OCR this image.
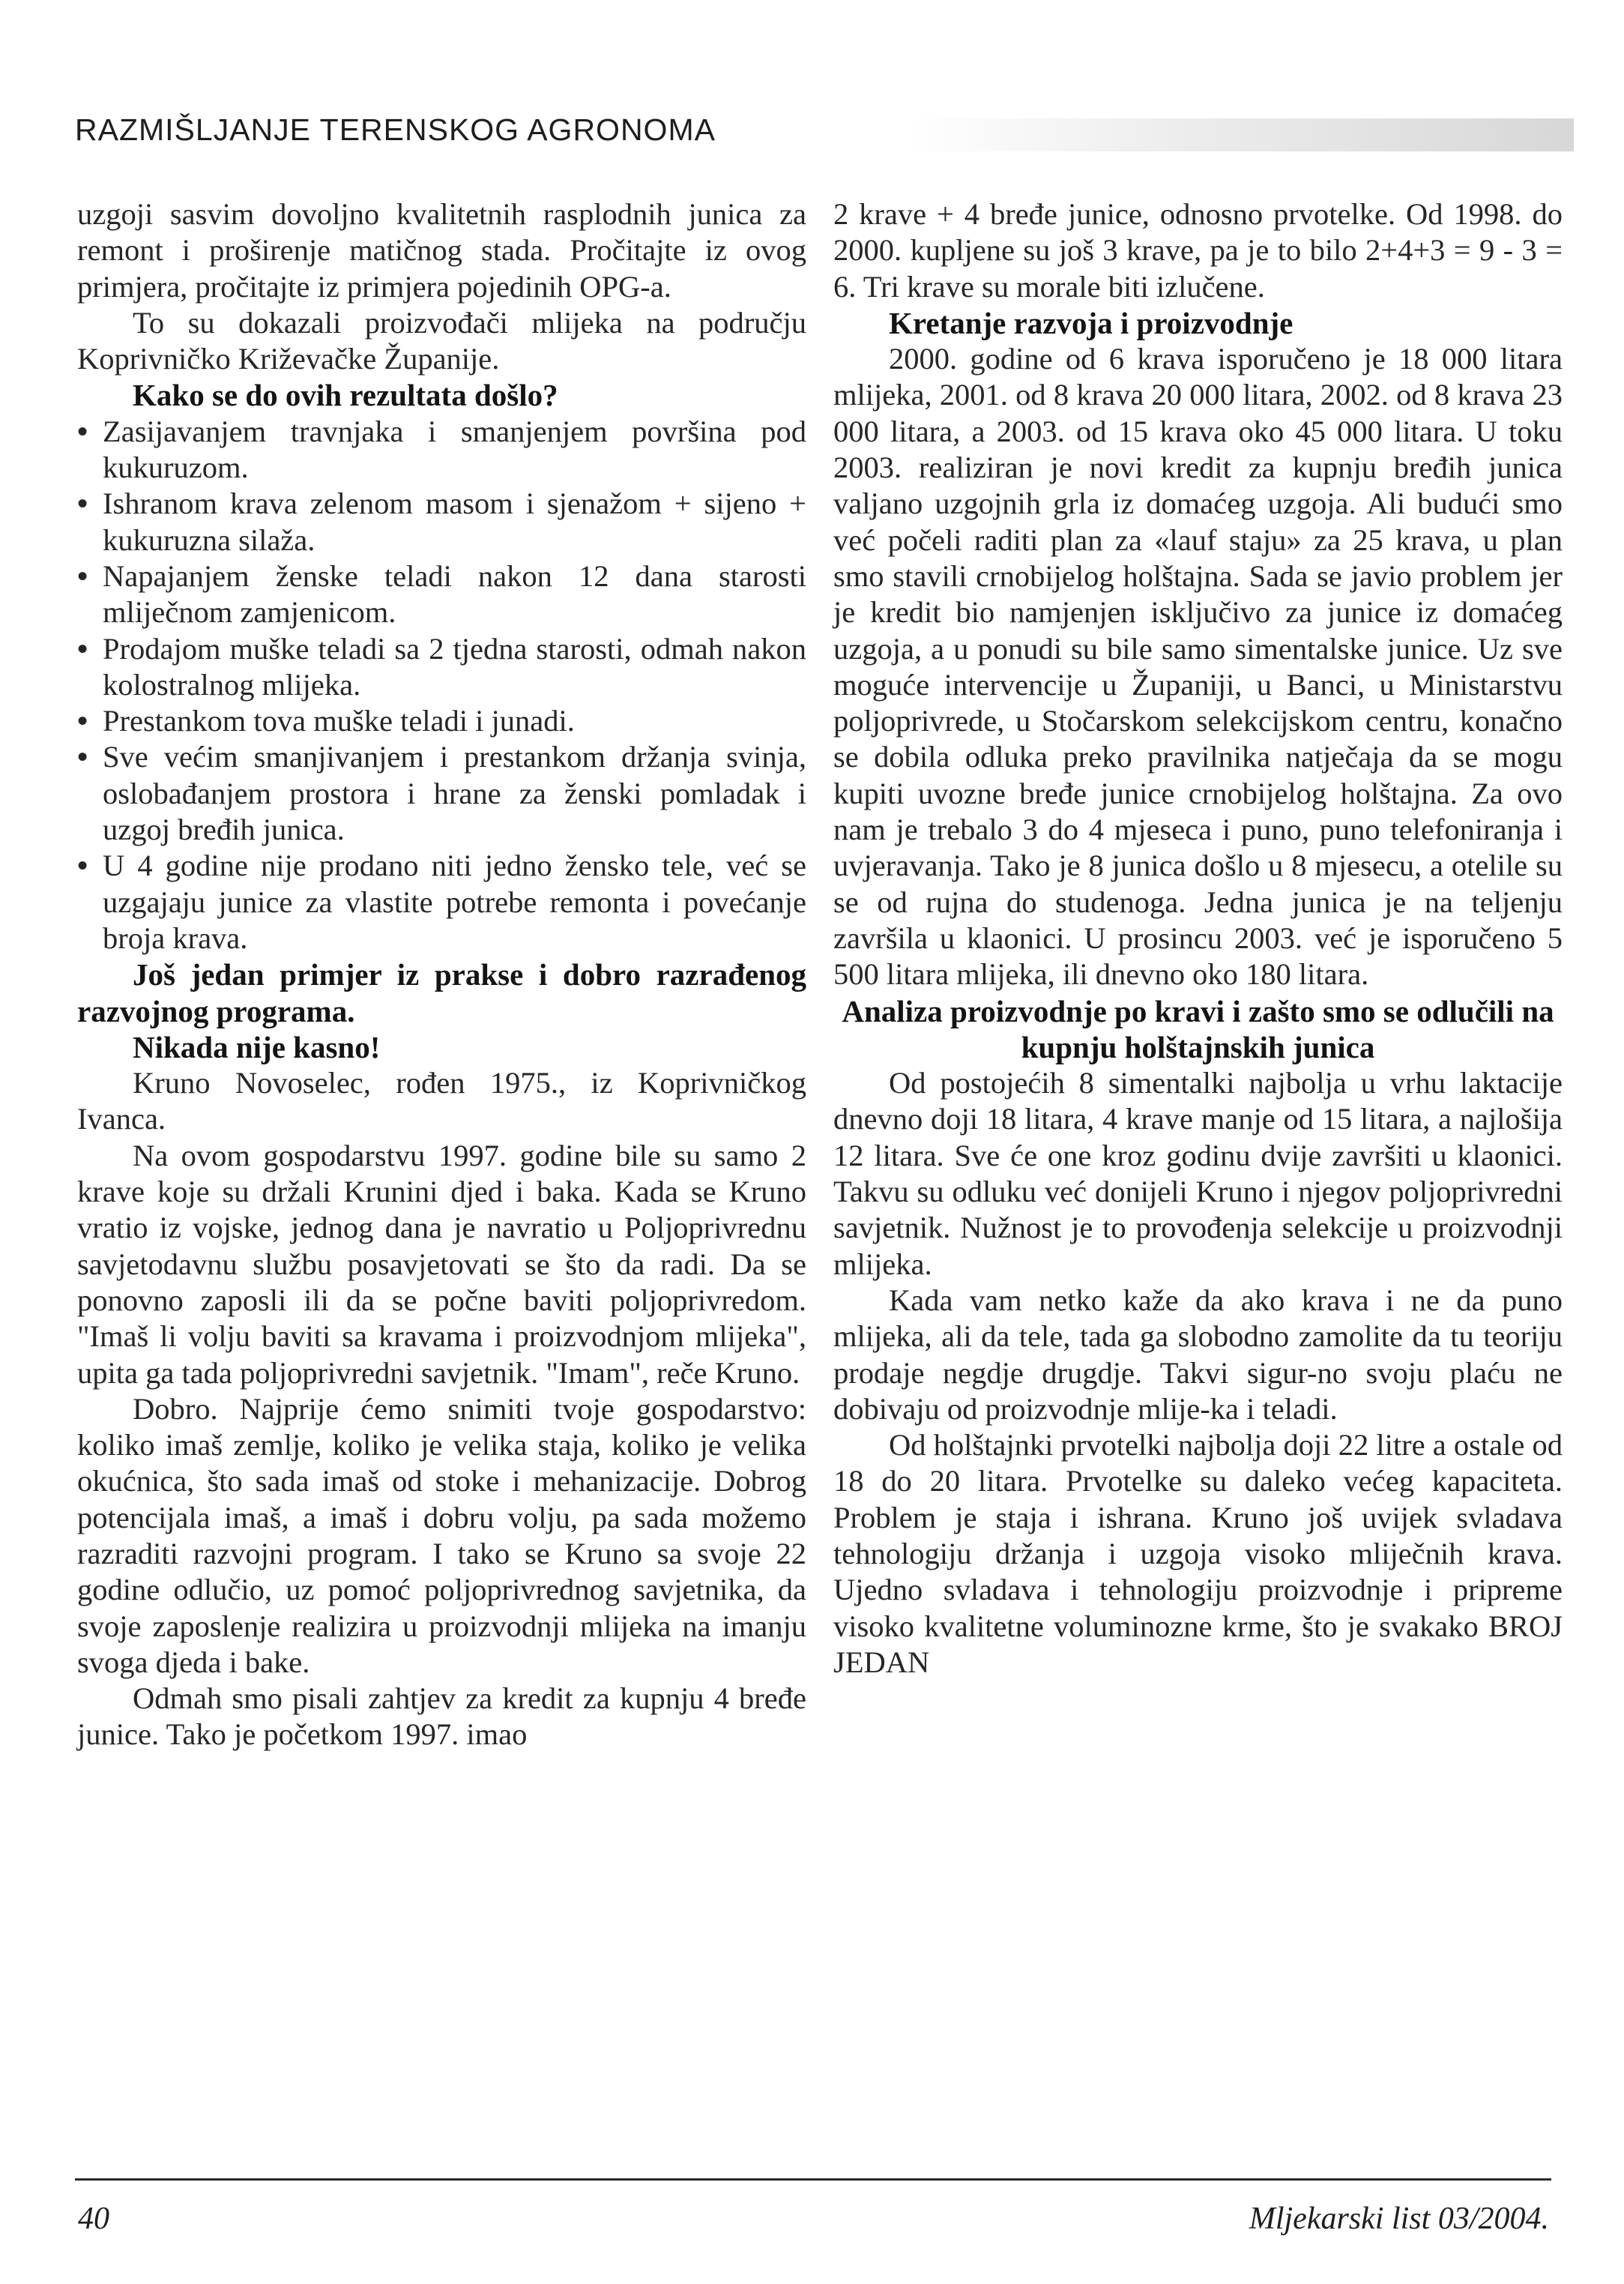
RAZMIŠLJANJE TERENSKOG AGRONOMA

uzgoji sasvim dovoljno kvalitetnih rasplodnih junica za remont i proširenje matičnog stada. Pročitajte iz ovog primjera, pročitajte iz primjera pojedinih OPG-a.

To su dokazali proizvođači mlijeka na području Koprivničko Križevačke Županije.

Kako se do ovih rezultata došlo?
• Zasijavanjem travnjaka i smanjenjem površina pod kukuruzom.
• Ishranom krava zelenom masom i sjenažom + sijeno + kukuruzna silaža.
• Napajanjem ženske teladi nakon 12 dana starosti mliječnom zamjenicom.
• Prodajom muške teladi sa 2 tjedna starosti, odmah nakon kolostralnog mlijeka.
• Prestankom tova muške teladi i junadi.
• Sve većim smanjivanjem i prestankom držanja svinja, oslobađanjem prostora i hrane za ženski pomladak i uzgoj bređih junica.
• U 4 godine nije prodano niti jedno žensko tele, već se uzgajaju junice za vlastite potrebe remonta i povećanje broja krava.
Još jedan primjer iz prakse i dobro razrađenog razvojnog programa.
Nikada nije kasno!

Kruno Novoselec, rođen 1975., iz Koprivničkog Ivanca.

Na ovom gospodarstvu 1997. godine bile su samo 2 krave koje su držali Krunini djed i baka. Kada se Kruno vratio iz vojske, jednog dana je navratio u Poljoprivrednu savjetodavnu službu posavjetovati se što da radi. Da se ponovno zaposli ili da se počne baviti poljoprivredom. "Imaš li volju baviti sa kravama i proizvodnjom mlijeka", upita ga tada poljoprivredni savjetnik. "Imam", reče Kruno.

Dobro. Najprije ćemo snimiti tvoje gospodarstvo: koliko imaš zemlje, koliko je velika staja, koliko je velika okućnica, što sada imaš od stoke i mehanizacije. Dobrog potencijala imaš, a imaš i dobru volju, pa sada možemo razraditi razvojni program. I tako se Kruno sa svoje 22 godine odlučio, uz pomoć poljoprivrednog savjetnika, da svoje zaposlenje realizira u proizvodnji mlijeka na imanju svoga djeda i bake.

Odmah smo pisali zahtjev za kredit za kupnju 4 bređe junice. Tako je početkom 1997. imao

2 krave + 4 bređe junice, odnosno prvotelke. Od 1998. do 2000. kupljene su još 3 krave, pa je to bilo 2+4+3 = 9 - 3 = 6. Tri krave su morale biti izlučene.

Kretanje razvoja i proizvodnje

2000. godine od 6 krava isporučeno je 18 000 litara mlijeka, 2001. od 8 krava 20 000 litara, 2002. od 8 krava 23 000 litara, a 2003. od 15 krava oko 45 000 litara. U toku 2003. realiziran je novi kredit za kupnju bređih junica valjano uzgojnih grla iz domaćeg uzgoja. Ali budući smo već počeli raditi plan za «lauf staju» za 25 krava, u plan smo stavili crnobijelog holštajna. Sada se javio problem jer je kredit bio namjenjen isključivo za junice iz domaćeg uzgoja, a u ponudi su bile samo simentalske junice. Uz sve moguće intervencije u Županiji, u Banci, u Ministarstvu poljoprivrede, u Stočarskom selekcijskom centru, konačno se dobila odluka preko pravilnika natječaja da se mogu kupiti uvozne bređe junice crnobijelog holštajna. Za ovo nam je trebalo 3 do 4 mjeseca i puno, puno telefoniranja i uvjeravanja. Tako je 8 junica došlo u 8 mjesecu, a otelile su se od rujna do studenoga. Jedna junica je na teljenju završila u klaonici. U prosincu 2003. već je isporučeno 5 500 litara mlijeka, ili dnevno oko 180 litara.

Analiza proizvodnje po kravi i zašto smo se odlučili na kupnju holštajnskih junica

Od postojećih 8 simentalki najbolja u vrhu laktacije dnevno doji 18 litara, 4 krave manje od 15 litara, a najlošija 12 litara. Sve će one kroz godinu dvije završiti u klaonici. Takvu su odluku već donijeli Kruno i njegov poljoprivredni savjetnik. Nužnost je to provođenja selekcije u proizvodnji mlijeka.

Kada vam netko kaže da ako krava i ne da puno mlijeka, ali da tele, tada ga slobodno zamolite da tu teoriju prodaje negdje drugdje. Takvi sigur-no svoju plaću ne dobivaju od proizvodnje mlije-ka i teladi.

Od holštajnki prvotelki najbolja doji 22 litre a ostale od 18 do 20 litara. Prvotelke su daleko većeg kapaciteta. Problem je staja i ishrana. Kruno još uvijek svladava tehnologiju držanja i uzgoja visoko mliječnih krava. Ujedno svladava i tehnologiju proizvodnje i pripreme visoko kvalitetne voluminozne krme, što je svakako BROJ JEDAN

40	Mljekarski list 03/2004.
